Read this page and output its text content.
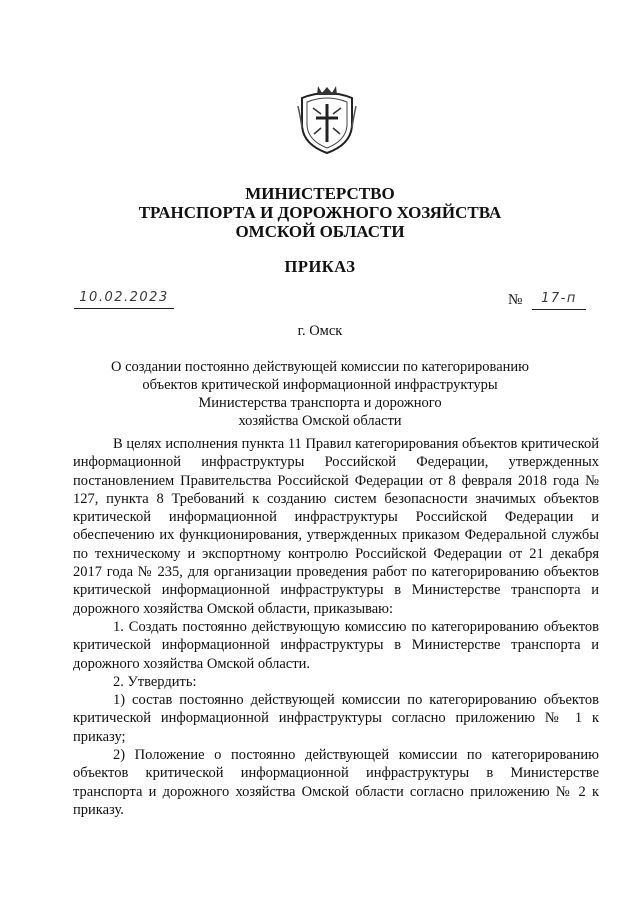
МИНИСТЕРСТВО
ТРАНСПОРТА И ДОРОЖНОГО ХОЗЯЙСТВА
ОМСКОЙ ОБЛАСТИ
ПРИКАЗ
10.02.2023	№	17-п
г. Омск
О создании постоянно действующей комиссии по категорированию
объектов критической информационной инфраструктуры
Министерства транспорта и дорожного
хозяйства Омской области

В целях исполнения пункта 11 Правил категорирования объектов критической информационной инфраструктуры Российской Федерации, утвержденных постановлением Правительства Российской Федерации от 8 февраля 2018 года № 127, пункта 8 Требований к созданию систем безопасности значимых объектов критической информационной инфраструктуры Российской Федерации и обеспечению их функционирования, утвержденных приказом Федеральной службы по техническому и экспортному контролю Российской Федерации от 21 декабря 2017 года № 235, для организации проведения работ по категорированию объектов критической информационной инфраструктуры в Министерстве транспорта и дорожного хозяйства Омской области, приказываю:

1. Создать постоянно действующую комиссию по категорированию объектов критической информационной инфраструктуры в Министерстве транспорта и дорожного хозяйства Омской области.

2. Утвердить:

1) состав постоянно действующей комиссии по категорированию объектов критической информационной инфраструктуры согласно приложению № 1 к приказу;

2) Положение о постоянно действующей комиссии по категорированию объектов критической информационной инфраструктуры в Министерстве транспорта и дорожного хозяйства Омской области согласно приложению № 2 к приказу.
